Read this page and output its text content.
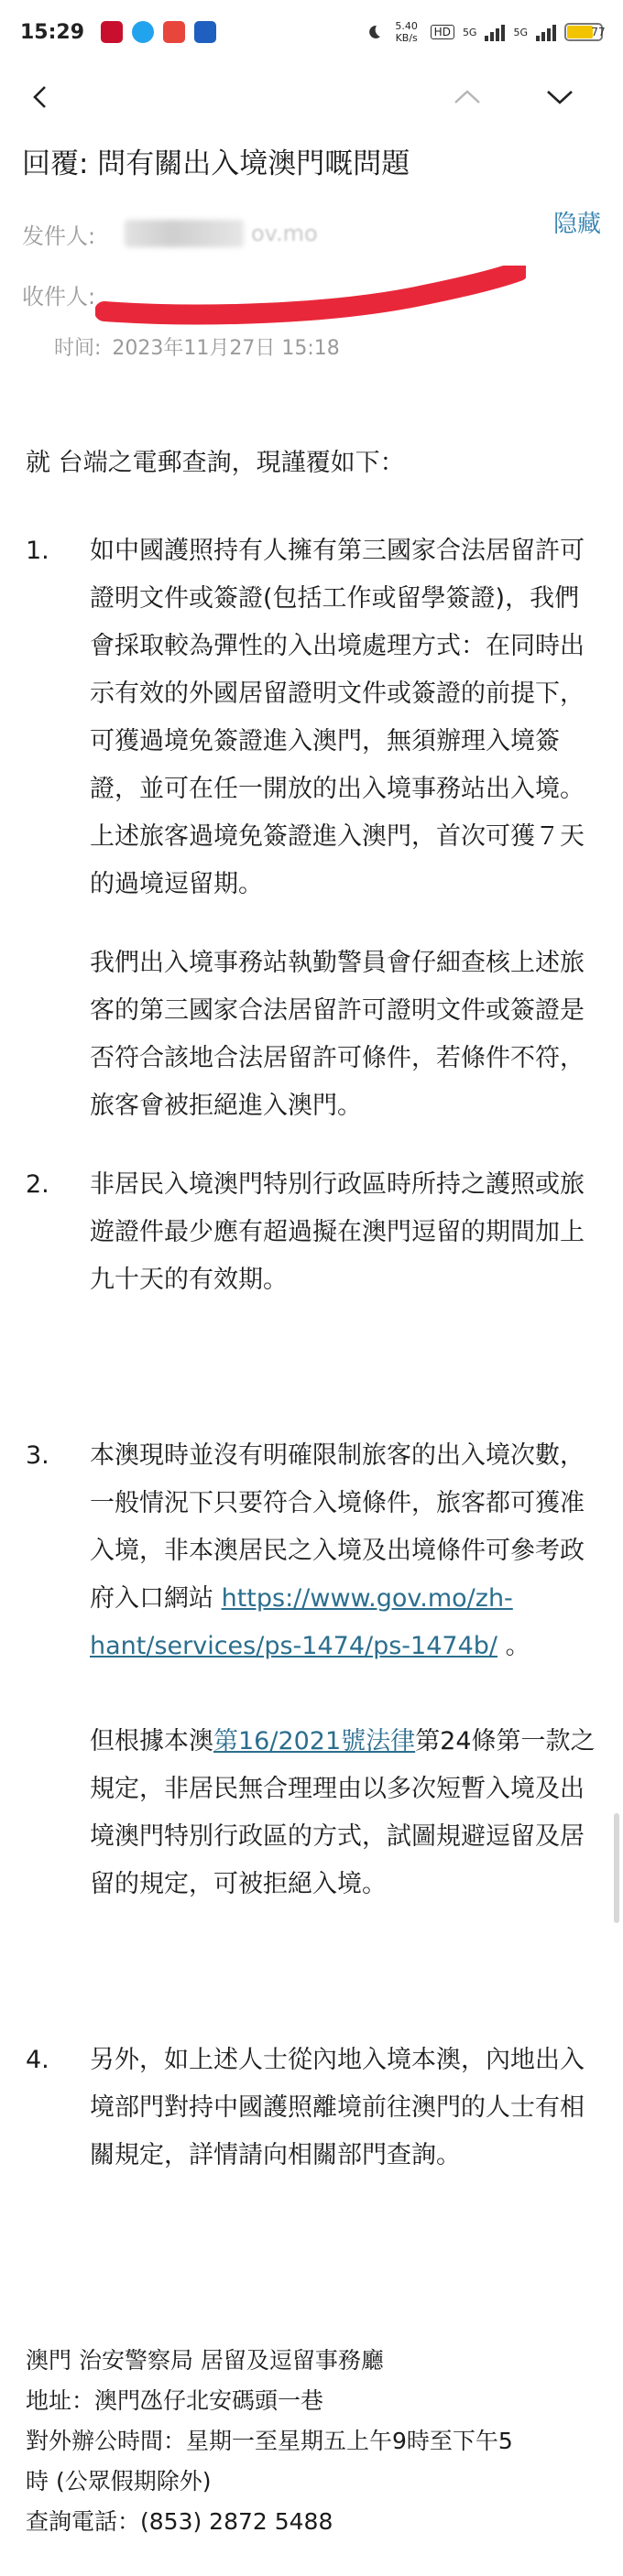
15:29	5.40 KB/s	HD	5G	5G	77
回覆: 問有關出入境澳門嘅問題
发件人:	ov.mo	隐藏
收件人:
时间: 2023年11月27日 15:18
就 台端之電郵查詢，現謹覆如下：
1.	如中國護照持有人擁有第三國家合法居留許可證明文件或簽證(包括工作或留學簽證)，我們會採取較為彈性的入出境處理方式：在同時出示有效的外國居留證明文件或簽證的前提下，可獲過境免簽證進入澳門，無須辦理入境簽證，並可在任一開放的出入境事務站出入境。上述旅客過境免簽證進入澳門，首次可獲７天的過境逗留期。

我們出入境事務站執勤警員會仔細查核上述旅客的第三國家合法居留許可證明文件或簽證是否符合該地合法居留許可條件，若條件不符，旅客會被拒絕進入澳門。

2.	非居民入境澳門特別行政區時所持之護照或旅遊證件最少應有超過擬在澳門逗留的期間加上九十天的有效期。

3.	本澳現時並沒有明確限制旅客的出入境次數，一般情況下只要符合入境條件，旅客都可獲准入境，非本澳居民之入境及出境條件可參考政府入口網站 https://www.gov.mo/zh-hant/services/ps-1474/ps-1474b/ 。

但根據本澳第16/2021號法律第24條第一款之規定，非居民無合理理由以多次短暫入境及出境澳門特別行政區的方式，試圖規避逗留及居留的規定，可被拒絕入境。

4.	另外，如上述人士從內地入境本澳，內地出入境部門對持中國護照離境前往澳門的人士有相關規定，詳情請向相關部門查詢。

澳門 治安警察局 居留及逗留事務廳
地址：澳門氹仔北安碼頭一巷
對外辦公時間：星期一至星期五上午9時至下午5
時 (公眾假期除外)
查詢電話：(853) 2872 5488
